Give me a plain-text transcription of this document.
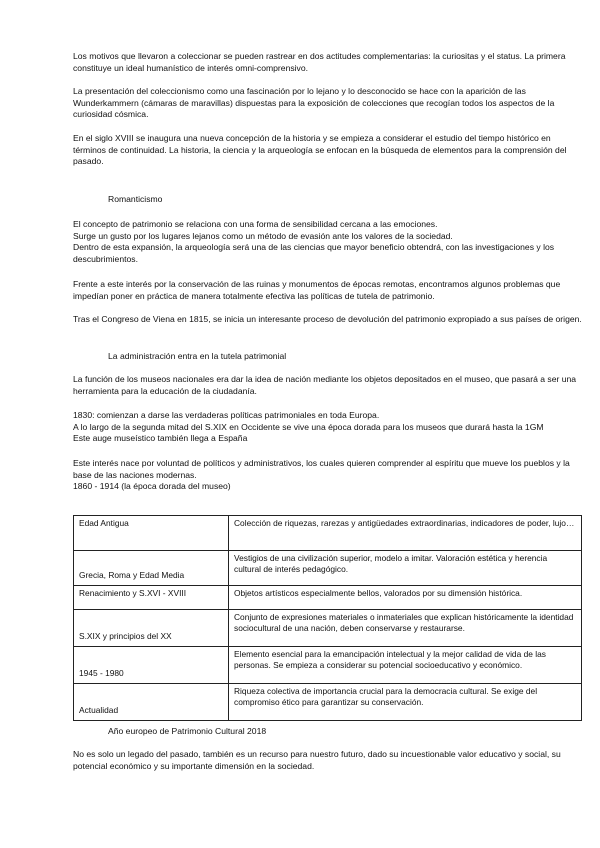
Los motivos que llevaron a coleccionar se pueden rastrear en dos actitudes complementarias: la curiositas y el status. La primera constituye un ideal humanístico de interés omni-comprensivo.

La presentación del coleccionismo como una fascinación por lo lejano y lo desconocido se hace con la aparición de las Wunderkammern (cámaras de maravillas) dispuestas para la exposición de colecciones que recogían todos los aspectos de la curiosidad cósmica.

En el siglo XVIII se inaugura una nueva concepción de la historia y se empieza a considerar el estudio del tiempo histórico en términos de continuidad. La historia, la ciencia y la arqueología se enfocan en la búsqueda de elementos para la comprensión del pasado.

Romanticismo

El concepto de patrimonio se relaciona con una forma de sensibilidad cercana a las emociones.

Surge un gusto por los lugares lejanos como un método de evasión ante los valores de la sociedad.

Dentro de esta expansión, la arqueología será una de las ciencias que mayor beneficio obtendrá, con las investigaciones y los descubrimientos.

Frente a este interés por la conservación de las ruinas y monumentos de épocas remotas, encontramos algunos problemas que impedían poner en práctica de manera totalmente efectiva las políticas de tutela de patrimonio.

Tras el Congreso de Viena en 1815, se inicia un interesante proceso de devolución del patrimonio expropiado a sus países de origen.

La administración entra en la tutela patrimonial

La función de los museos nacionales era dar la idea de nación mediante los objetos depositados en el museo, que pasará a ser una herramienta para la educación de la ciudadanía.

1830: comienzan a darse las verdaderas políticas patrimoniales en toda Europa.

A lo largo de la segunda mitad del S.XIX en Occidente se vive una época dorada para los museos que durará hasta la 1GM

Este auge museístico también llega a España

Este interés nace por voluntad de políticos y administrativos, los cuales quieren comprender al espíritu que mueve los pueblos y la base de las naciones modernas.

1860 - 1914 (la época dorada del museo)

Edad Antigua	Colección de riquezas, rarezas y antigüedades extraordinarias, indicadores de poder, lujo…
Grecia, Roma y Edad Media	Vestigios de una civilización superior, modelo a imitar. Valoración estética y herencia cultural de interés pedagógico.
Renacimiento y S.XVI - XVIII	Objetos artísticos especialmente bellos, valorados por su dimensión histórica.
S.XIX y principios del XX	Conjunto de expresiones materiales o inmateriales que explican históricamente la identidad sociocultural de una nación, deben conservarse y restaurarse.
1945 - 1980	Elemento esencial para la emancipación intelectual y la mejor calidad de vida de las personas. Se empieza a considerar su potencial socioeducativo y económico.
Actualidad	Riqueza colectiva de importancia crucial para la democracia cultural. Se exige del compromiso ético para garantizar su conservación.
Año europeo de Patrimonio Cultural 2018

No es solo un legado del pasado, también es un recurso para nuestro futuro, dado su incuestionable valor educativo y social, su potencial económico y su importante dimensión en la sociedad.
